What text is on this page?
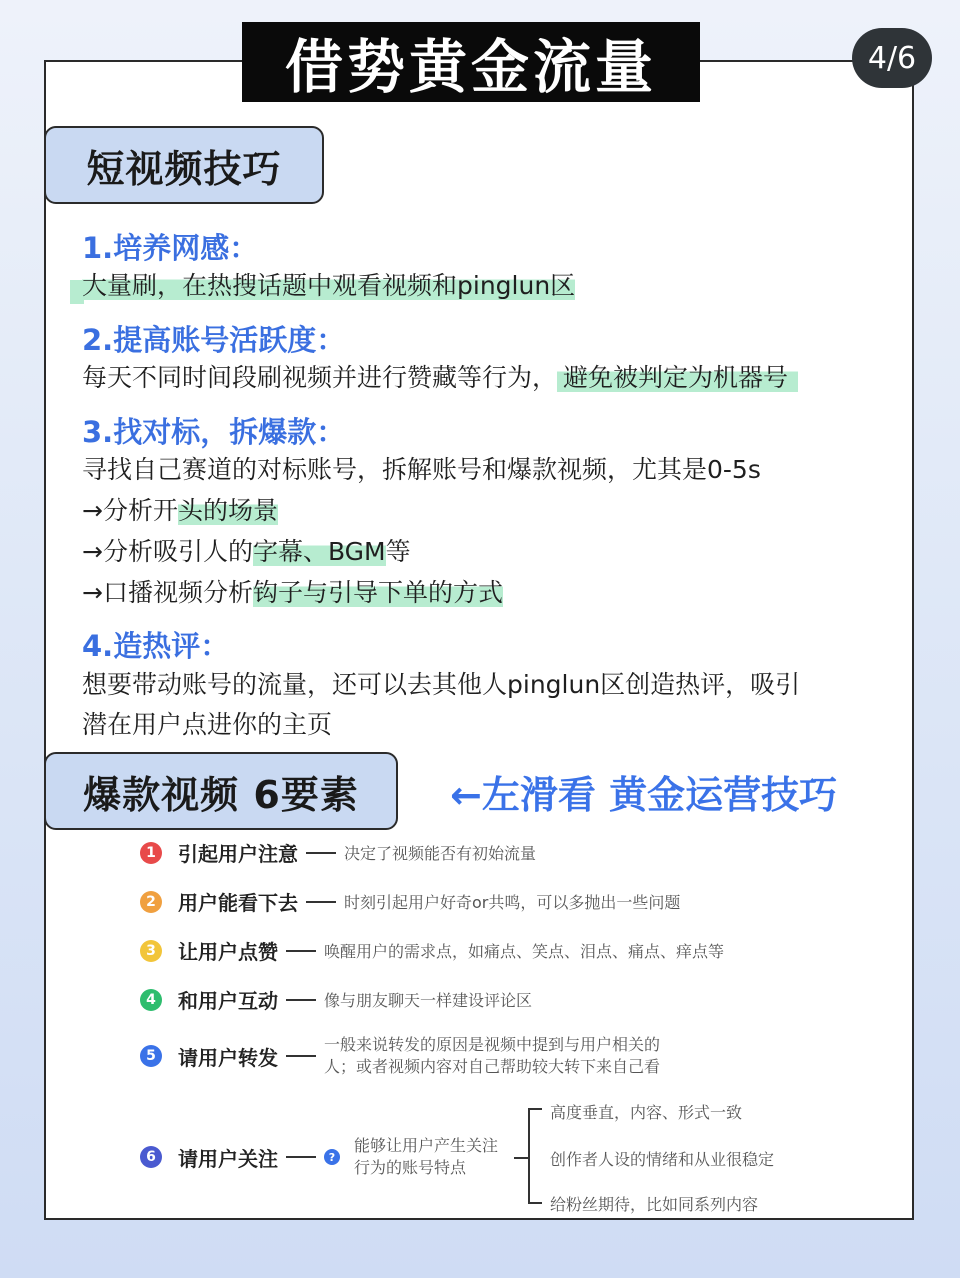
借势黄金流量	4/6
短视频技巧
1.培养网感：
大量刷，在热搜话题中观看视频和pinglun区
2.提高账号活跃度：
每天不同时间段刷视频并进行赞藏等行为， 避免被判定为机器号
3.找对标，拆爆款：
寻找自己赛道的对标账号，拆解账号和爆款视频，尤其是0-5s
→分析开头的场景
→分析吸引人的字幕、BGM等
→口播视频分析钩子与引导下单的方式
4.造热评：
想要带动账号的流量，还可以去其他人pinglun区创造热评，吸引
潜在用户点进你的主页
爆款视频 6要素	←左滑看 黄金运营技巧
1	引起用户注意	决定了视频能否有初始流量
2	用户能看下去	时刻引起用户好奇or共鸣，可以多抛出一些问题
3	让用户点赞	唤醒用户的需求点，如痛点、笑点、泪点、痛点、痒点等
4	和用户互动	像与朋友聊天一样建设评论区
5	请用户转发
一般来说转发的原因是视频中提到与用户相关的
人；或者视频内容对自己帮助较大转下来自己看
6	请用户关注	?
能够让用户产生关注
行为的账号特点
高度垂直，内容、形式一致
创作者人设的情绪和从业很稳定
给粉丝期待，比如同系列内容
